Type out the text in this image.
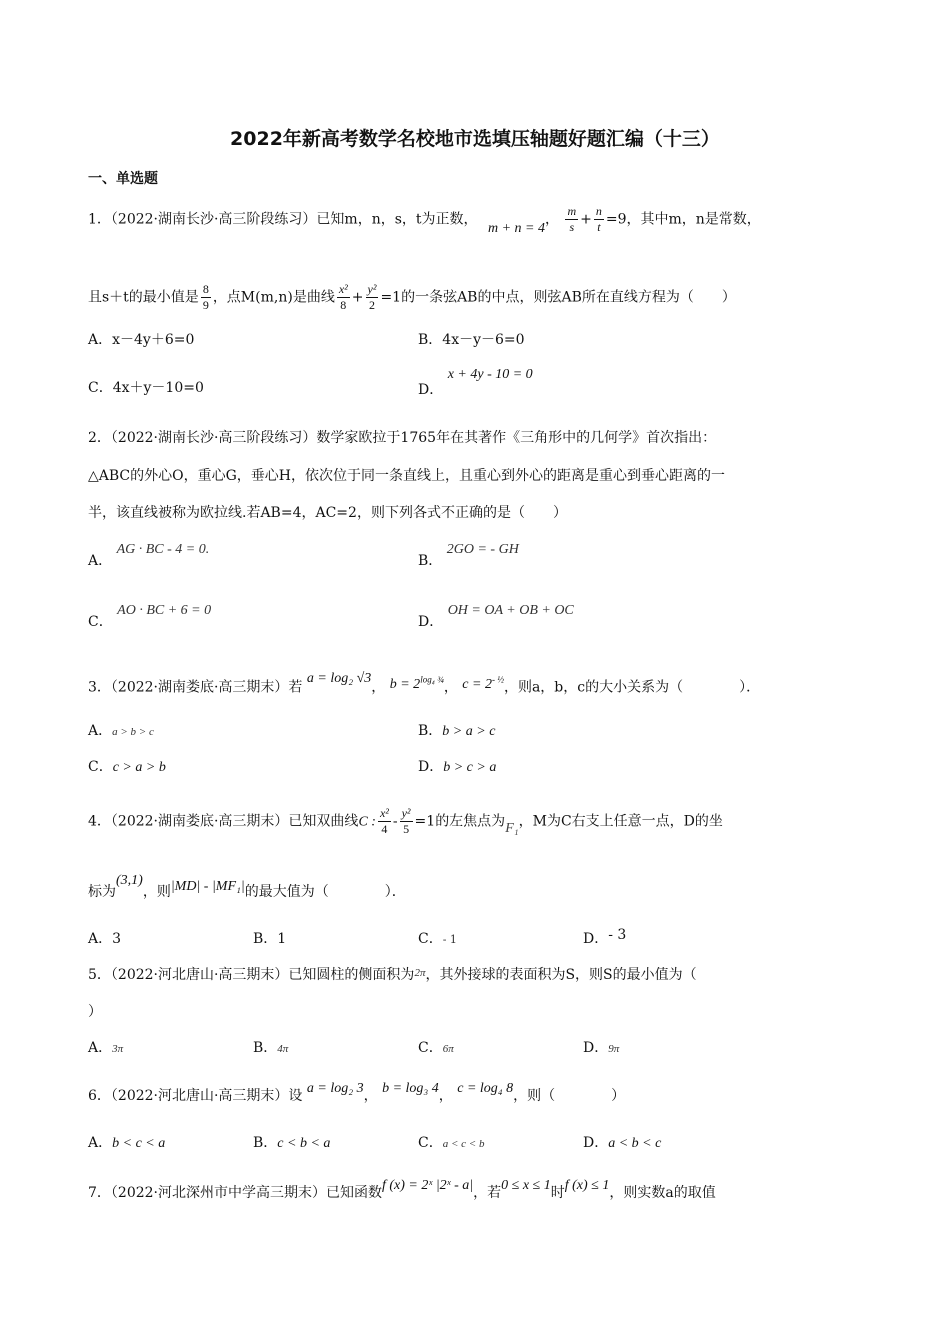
2022年新高考数学名校地市选填压轴题好题汇编（十三）
一、单选题
1．（2022·湖南长沙·高三阶段练习）已知m，n，s，t为正数， m + n = 4， $\frac{m}{s} + \frac{n}{t} =9$，其中m，n是常数，
且s＋t的最小值是 $\frac{8}{9}$ ，点M(m,n)是曲线 $\frac{\text{x²}}{8} + \frac{\text{y²}}{2} =1$的一条弦AB的中点，则弦AB所在直线方程为（　　）
A．x－4y＋6=0	B．4x－y－6=0
C．4x＋y－10=0	D． x + 4y - 10 = 0
2．（2022·湖南长沙·高三阶段练习）数学家欧拉于1765年在其著作《三角形中的几何学》首次指出：
△ABC的外心O，重心G，垂心H，依次位于同一条直线上，且重心到外心的距离是重心到垂心距离的一
半，该直线被称为欧拉线.若AB=4，AC=2，则下列各式不正确的是（　　）
A． AG · BC - 4 = 0.
B． 2GO = - GH
C． AO · BC + 6 = 0
D． OH = OA + OB + OC
3．（2022·湖南娄底·高三期末）若 a = log₂ √3， $b = 2^{log_4 \frac{3}{4}}$， $c = 2^{- \frac{1}{2}}$，则a，b，c的大小关系为（　　　　）．
A．a > b > c	B．b > a > c
C．c > a > b	D．b > c > a
4．（2022·湖南娄底·高三期末）已知双曲线C : $\frac{\text{x²}}{4} - \frac{\text{y²}}{5} =1$的左焦点为F₁，M为C右支上任意一点，D的坐
标为(3,1)，则|MD| - |MF₁|的最大值为（　　　　）．
A．3	B．1	C．- 1	D．- 3
5．（2022·河北唐山·高三期末）已知圆柱的侧面积为$^{2\pi}$，其外接球的表面积为S，则S的最小值为（
）
A．3π	B．4π	C．6π	D．9π
6．（2022·河北唐山·高三期末）设 a = log₂ 3， b = log₃ 4， c = log₄ 8，则（　　　　）
A．b < c < a	B．c < b < a	C．a < c < b	D．a < b < c
7．（2022·河北深州市中学高三期末）已知函数f (x) = 2ˣ |2ˣ - a|，若0 ≤ x ≤ 1时f (x) ≤ 1，则实数a的取值
